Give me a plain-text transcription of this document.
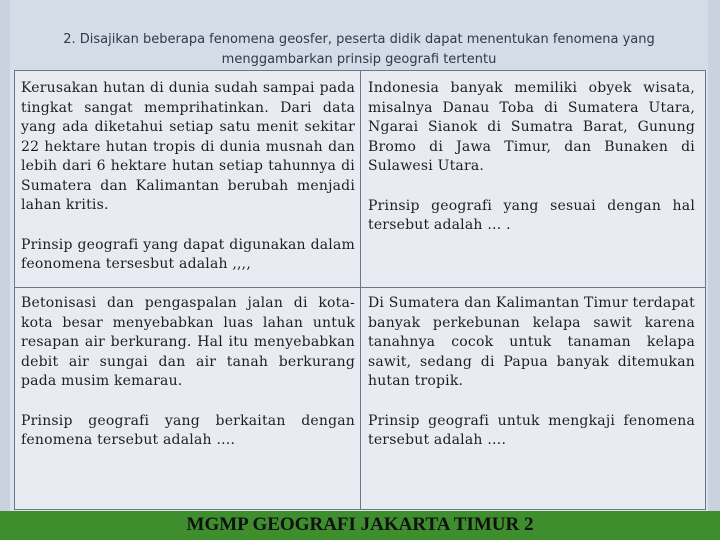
2. Disajikan beberapa fenomena geosfer, peserta didik dapat menentukan fenomena yang
menggambarkan prinsip geografi tertentu

Kerusakan hutan di dunia sudah sampai pada tingkat sangat memprihatinkan. Dari data yang ada diketahui setiap satu menit sekitar 22 hektare hutan tropis di dunia musnah dan lebih dari 6 hektare hutan setiap tahunnya di Sumatera dan Kalimantan berubah menjadi lahan kritis.

Prinsip geografi yang dapat digunakan dalam feonomena tersesbut adalah ,,,,

Indonesia banyak memiliki obyek wisata, misalnya Danau Toba di Sumatera Utara, Ngarai Sianok di Sumatra Barat, Gunung Bromo di Jawa Timur, dan Bunaken di Sulawesi Utara.

Prinsip geografi yang sesuai dengan hal tersebut adalah … .

Betonisasi dan pengaspalan jalan di kota-kota besar menyebabkan luas lahan untuk resapan air berkurang. Hal itu menyebabkan debit air sungai dan air tanah berkurang pada musim kemarau.

Prinsip geografi yang berkaitan dengan fenomena tersebut adalah ….

Di Sumatera dan Kalimantan Timur terdapat banyak perkebunan kelapa sawit karena tanahnya cocok untuk tanaman kelapa sawit, sedang di Papua banyak ditemukan hutan tropik.

Prinsip geografi untuk mengkaji fenomena tersebut adalah ….

MGMP GEOGRAFI JAKARTA TIMUR 2
